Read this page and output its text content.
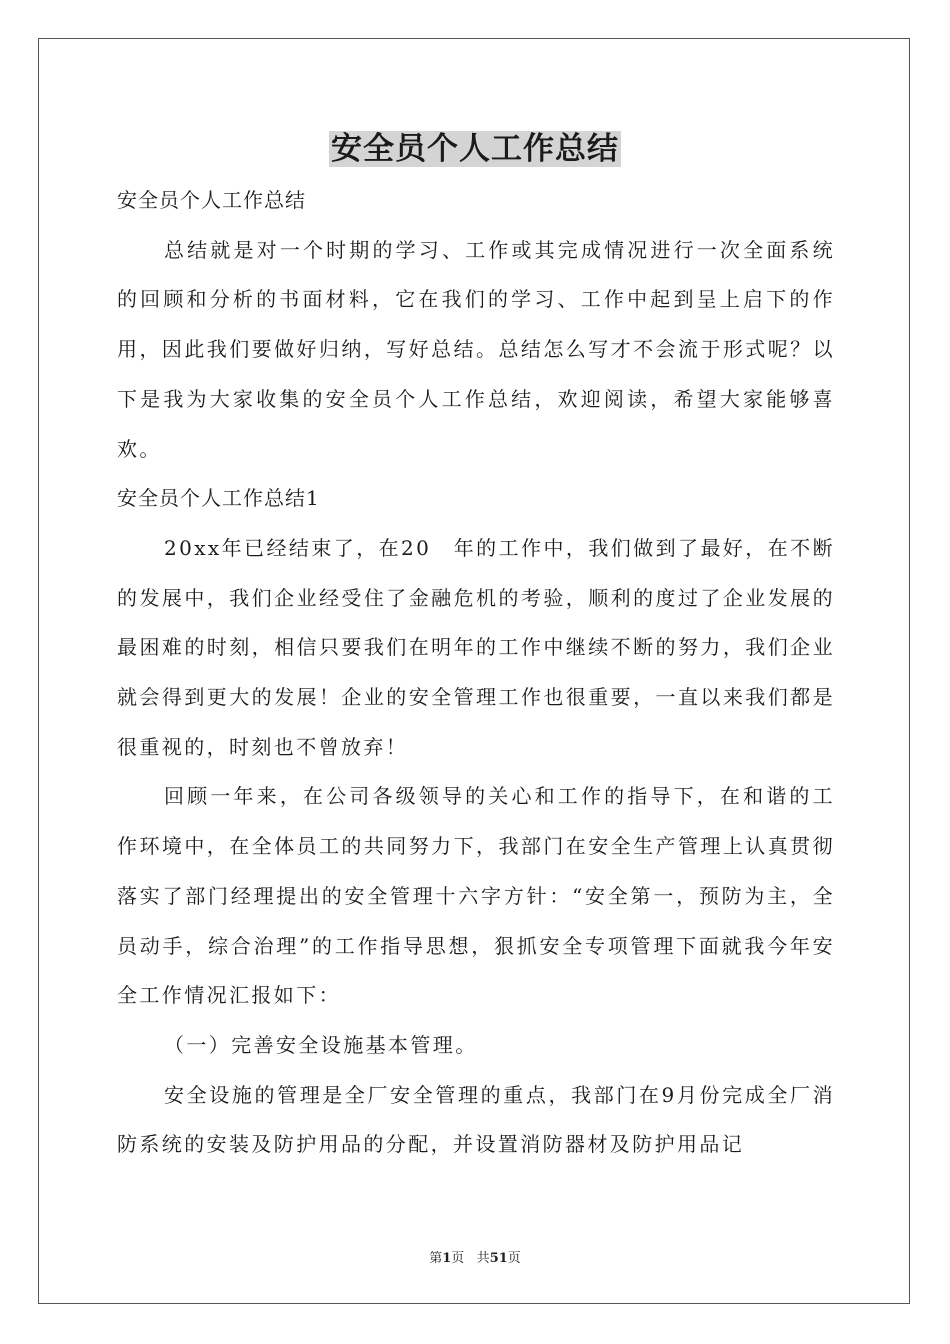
安全员个人工作总结

安全员个人工作总结

总结就是对一个时期的学习、工作或其完成情况进行一次全面系统的回顾和分析的书面材料，它在我们的学习、工作中起到呈上启下的作用，因此我们要做好归纳，写好总结。总结怎么写才不会流于形式呢？以下是我为大家收集的安全员个人工作总结，欢迎阅读，希望大家能够喜欢。

安全员个人工作总结1

20xx年已经结束了，在20　年的工作中，我们做到了最好，在不断的发展中，我们企业经受住了金融危机的考验，顺利的度过了企业发展的最困难的时刻，相信只要我们在明年的工作中继续不断的努力，我们企业就会得到更大的发展！企业的安全管理工作也很重要，一直以来我们都是很重视的，时刻也不曾放弃！

回顾一年来，在公司各级领导的关心和工作的指导下，在和谐的工作环境中，在全体员工的共同努力下，我部门在安全生产管理上认真贯彻落实了部门经理提出的安全管理十六字方针：“安全第一，预防为主，全员动手，综合治理”的工作指导思想，狠抓安全专项管理下面就我今年安全工作情况汇报如下：

（一）完善安全设施基本管理。

安全设施的管理是全厂安全管理的重点，我部门在9月份完成全厂消防系统的安装及防护用品的分配，并设置消防器材及防护用品记

第1页 共51页
